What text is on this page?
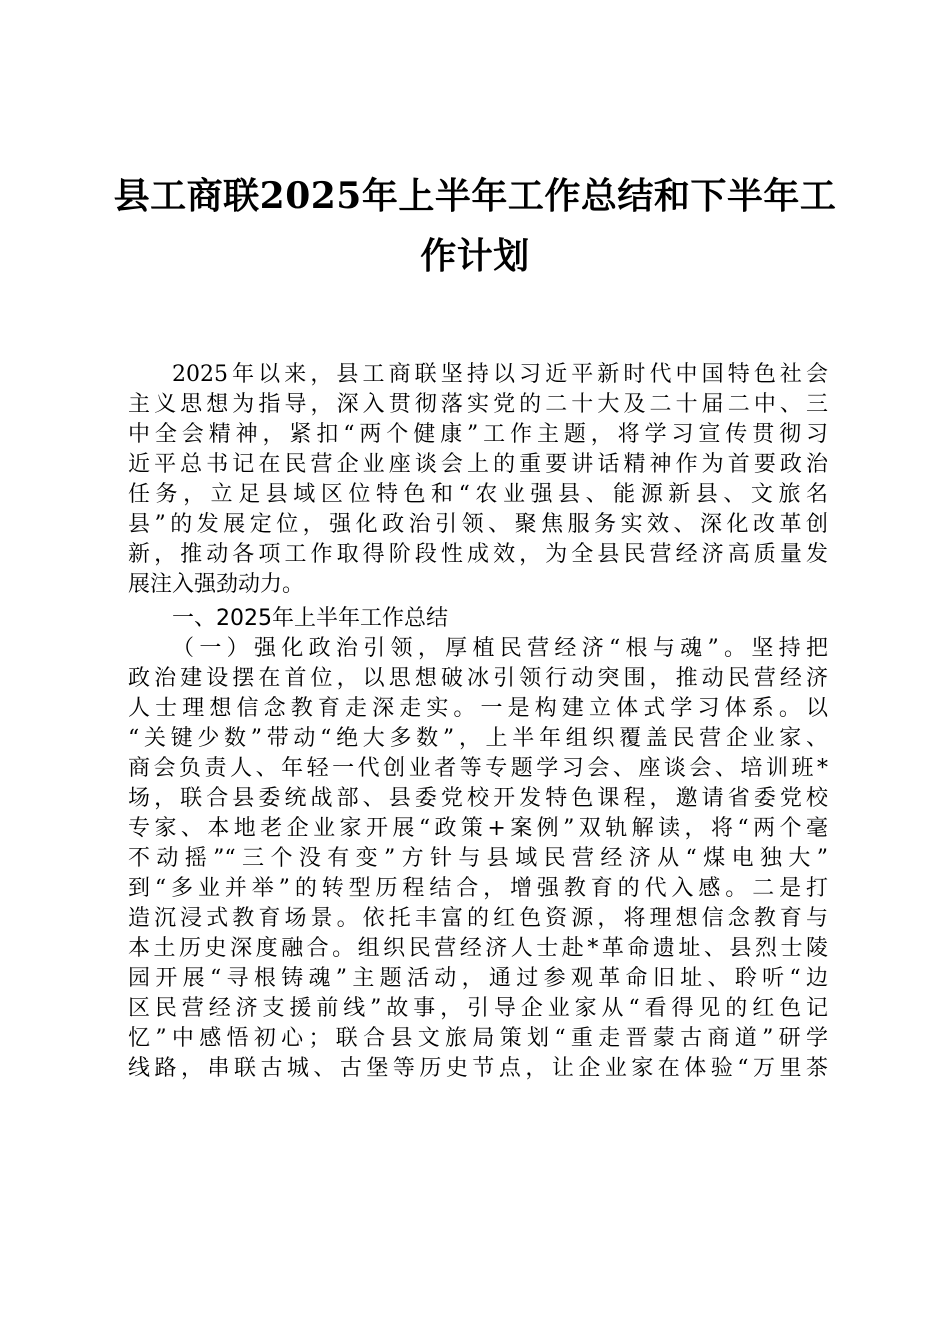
县工商联2025年上半年工作总结和下半年工
作计划
2025年以来，县工商联坚持以习近平新时代中国特色社会
主义思想为指导，深入贯彻落实党的二十大及二十届二中、三
中全会精神，紧扣“两个健康”工作主题，将学习宣传贯彻习
近平总书记在民营企业座谈会上的重要讲话精神作为首要政治
任务，立足县域区位特色和“农业强县、能源新县、文旅名
县”的发展定位，强化政治引领、聚焦服务实效、深化改革创
新，推动各项工作取得阶段性成效，为全县民营经济高质量发
展注入强劲动力。
一、2025年上半年工作总结
（一）强化政治引领，厚植民营经济“根与魂”。坚持把
政治建设摆在首位，以思想破冰引领行动突围，推动民营经济
人士理想信念教育走深走实。一是构建立体式学习体系。以
“关键少数”带动“绝大多数”，上半年组织覆盖民营企业家、
商会负责人、年轻一代创业者等专题学习会、座谈会、培训班*
场，联合县委统战部、县委党校开发特色课程，邀请省委党校
专家、本地老企业家开展“政策+案例”双轨解读，将“两个毫
不动摇”“三个没有变”方针与县域民营经济从“煤电独大”
到“多业并举”的转型历程结合，增强教育的代入感。二是打
造沉浸式教育场景。依托丰富的红色资源，将理想信念教育与
本土历史深度融合。组织民营经济人士赴*革命遗址、县烈士陵
园开展“寻根铸魂”主题活动，通过参观革命旧址、聆听“边
区民营经济支援前线”故事，引导企业家从“看得见的红色记
忆”中感悟初心；联合县文旅局策划“重走晋蒙古商道”研学
线路，串联古城、古堡等历史节点，让企业家在体验“万里茶
